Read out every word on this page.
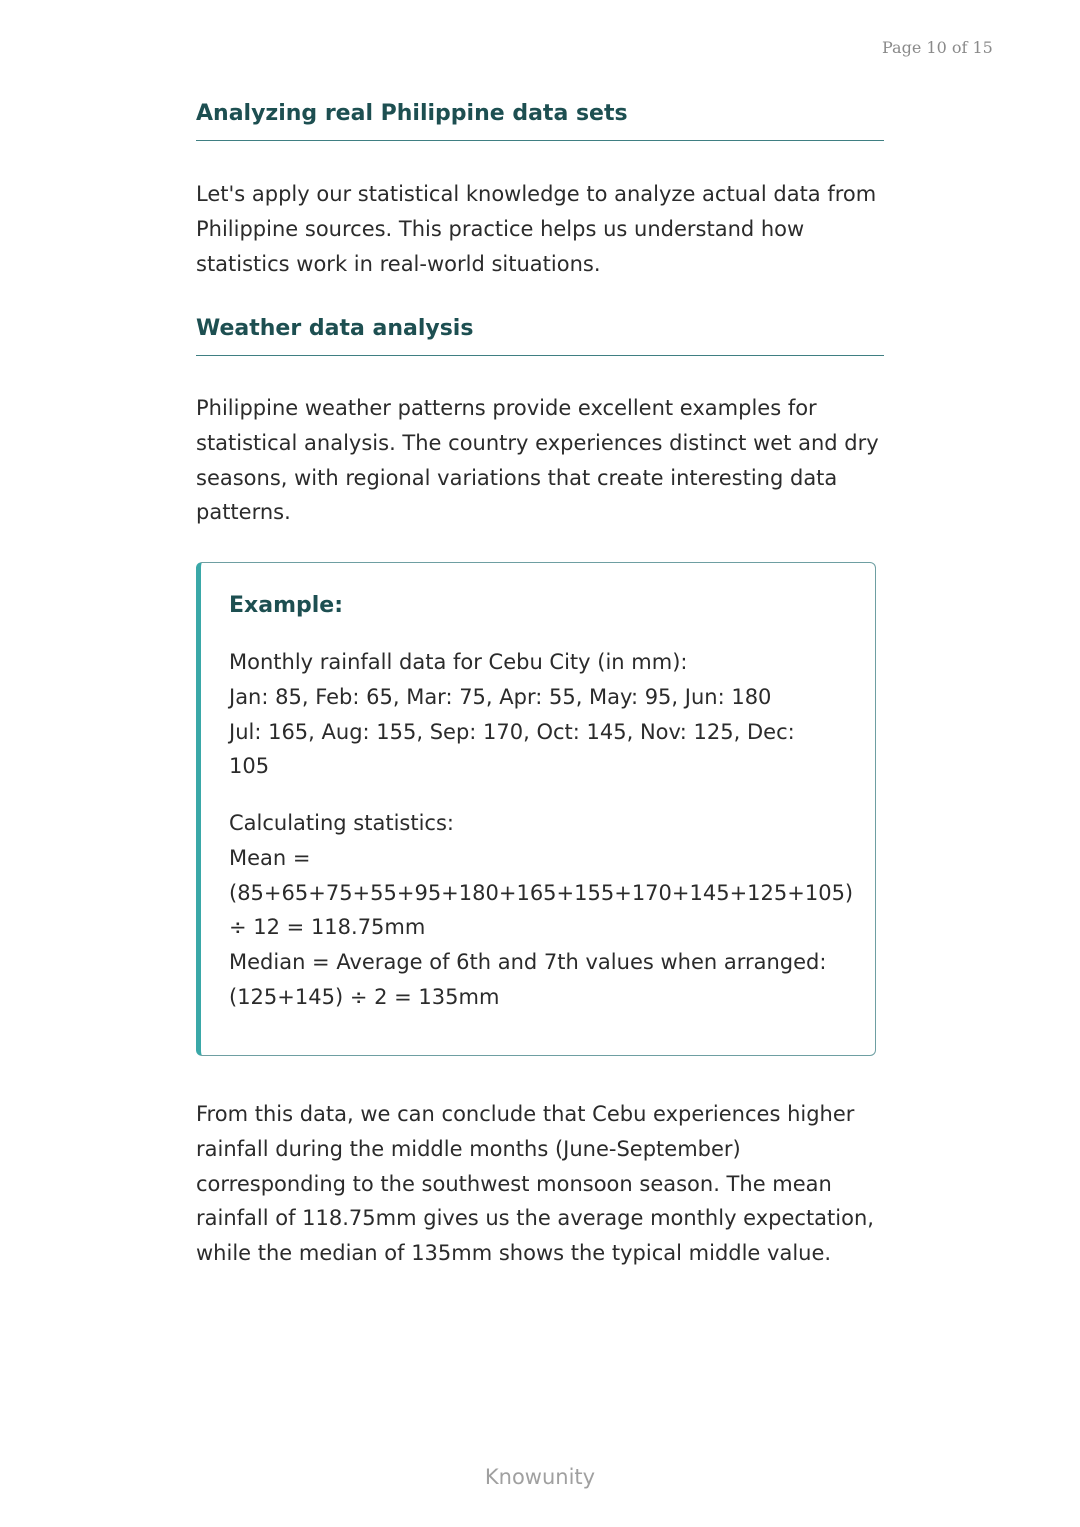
Page 10 of 15
Analyzing real Philippine data sets
Let's apply our statistical knowledge to analyze actual data from Philippine sources. This practice helps us understand how statistics work in real-world situations.
Weather data analysis
Philippine weather patterns provide excellent examples for statistical analysis. The country experiences distinct wet and dry seasons, with regional variations that create interesting data patterns.
Example:
Monthly rainfall data for Cebu City (in mm):
Jan: 85, Feb: 65, Mar: 75, Apr: 55, May: 95, Jun: 180
Jul: 165, Aug: 155, Sep: 170, Oct: 145, Nov: 125, Dec:
105
Calculating statistics:
Mean =
(85+65+75+55+95+180+165+155+170+145+125+105)
÷ 12 = 118.75mm
Median = Average of 6th and 7th values when arranged:
(125+145) ÷ 2 = 135mm
From this data, we can conclude that Cebu experiences higher rainfall during the middle months (June-September) corresponding to the southwest monsoon season. The mean rainfall of 118.75mm gives us the average monthly expectation, while the median of 135mm shows the typical middle value.
Knowunity
